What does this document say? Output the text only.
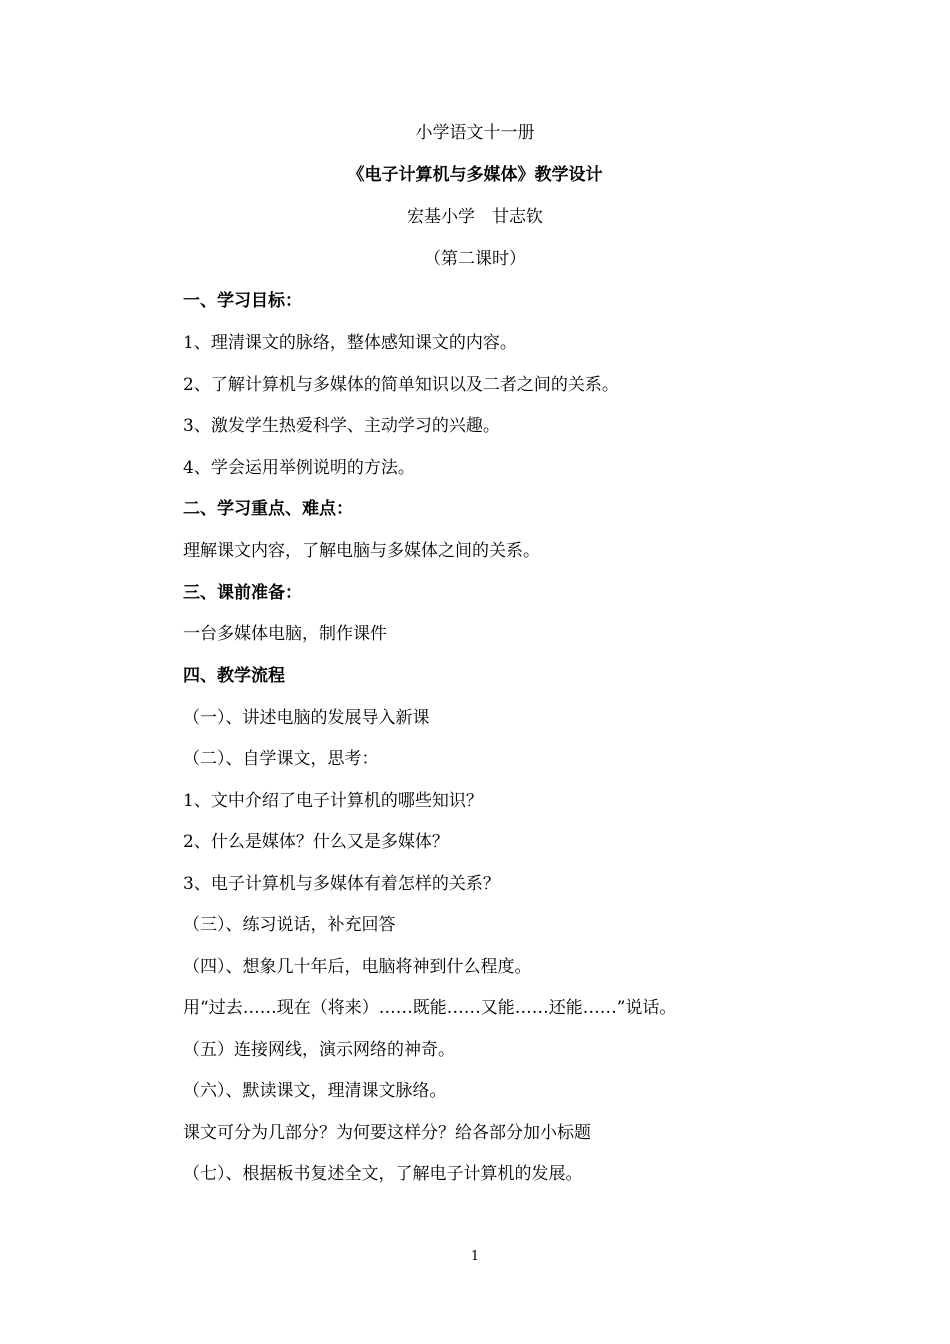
小学语文十一册
《电子计算机与多媒体》教学设计
宏基小学　甘志钦
（第二课时）
一、学习目标：
1、理清课文的脉络，整体感知课文的内容。
2、了解计算机与多媒体的简单知识以及二者之间的关系。
3、激发学生热爱科学、主动学习的兴趣。
4、学会运用举例说明的方法。
二、学习重点、难点：
理解课文内容，了解电脑与多媒体之间的关系。
三、课前准备：
一台多媒体电脑，制作课件
四、教学流程
（一）、讲述电脑的发展导入新课
（二）、自学课文，思考：
1、文中介绍了电子计算机的哪些知识？
2、什么是媒体？什么又是多媒体？
3、电子计算机与多媒体有着怎样的关系？
（三）、练习说话，补充回答
（四）、想象几十年后，电脑将神到什么程度。
用“过去……现在（将来）……既能……又能……还能……”说话。
（五）连接网线，演示网络的神奇。
（六）、默读课文，理清课文脉络。
课文可分为几部分？为何要这样分？给各部分加小标题
（七）、根据板书复述全文，了解电子计算机的发展。
1
